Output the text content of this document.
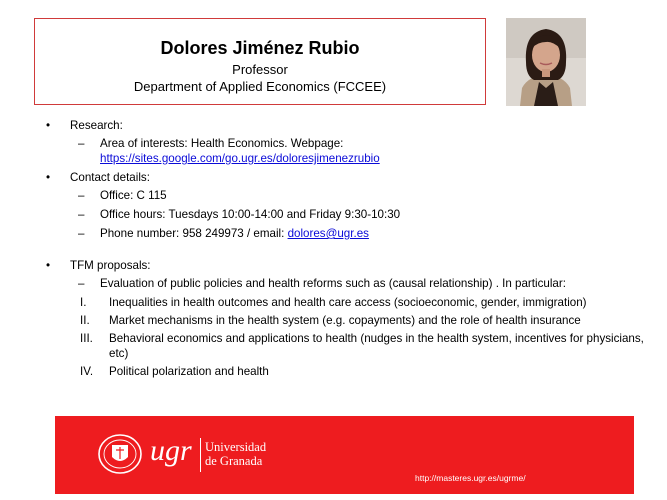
Dolores Jiménez Rubio
Professor
Department of Applied Economics (FCCEE)
• Research:
– Area of interests: Health Economics. Webpage:
https://sites.google.com/go.ugr.es/doloresjimenezrubio
• Contact details:
– Office: C 115
– Office hours: Tuesdays 10:00-14:00 and Friday 9:30-10:30
– Phone number: 958 249973 / email: dolores@ugr.es
• TFM proposals:
– Evaluation of public policies and health reforms such as (causal relationship) . In particular:
I. Inequalities in health outcomes and health care access (socioeconomic, gender, immigration)
II. Market mechanisms in the health system (e.g. copayments) and the role of health insurance
III. Behavioral economics and applications to health (nudges in the health system, incentives for physicians, etc)
IV. Political polarization and health
ugr Universidad
de Granada
http://masteres.ugr.es/ugrme/
